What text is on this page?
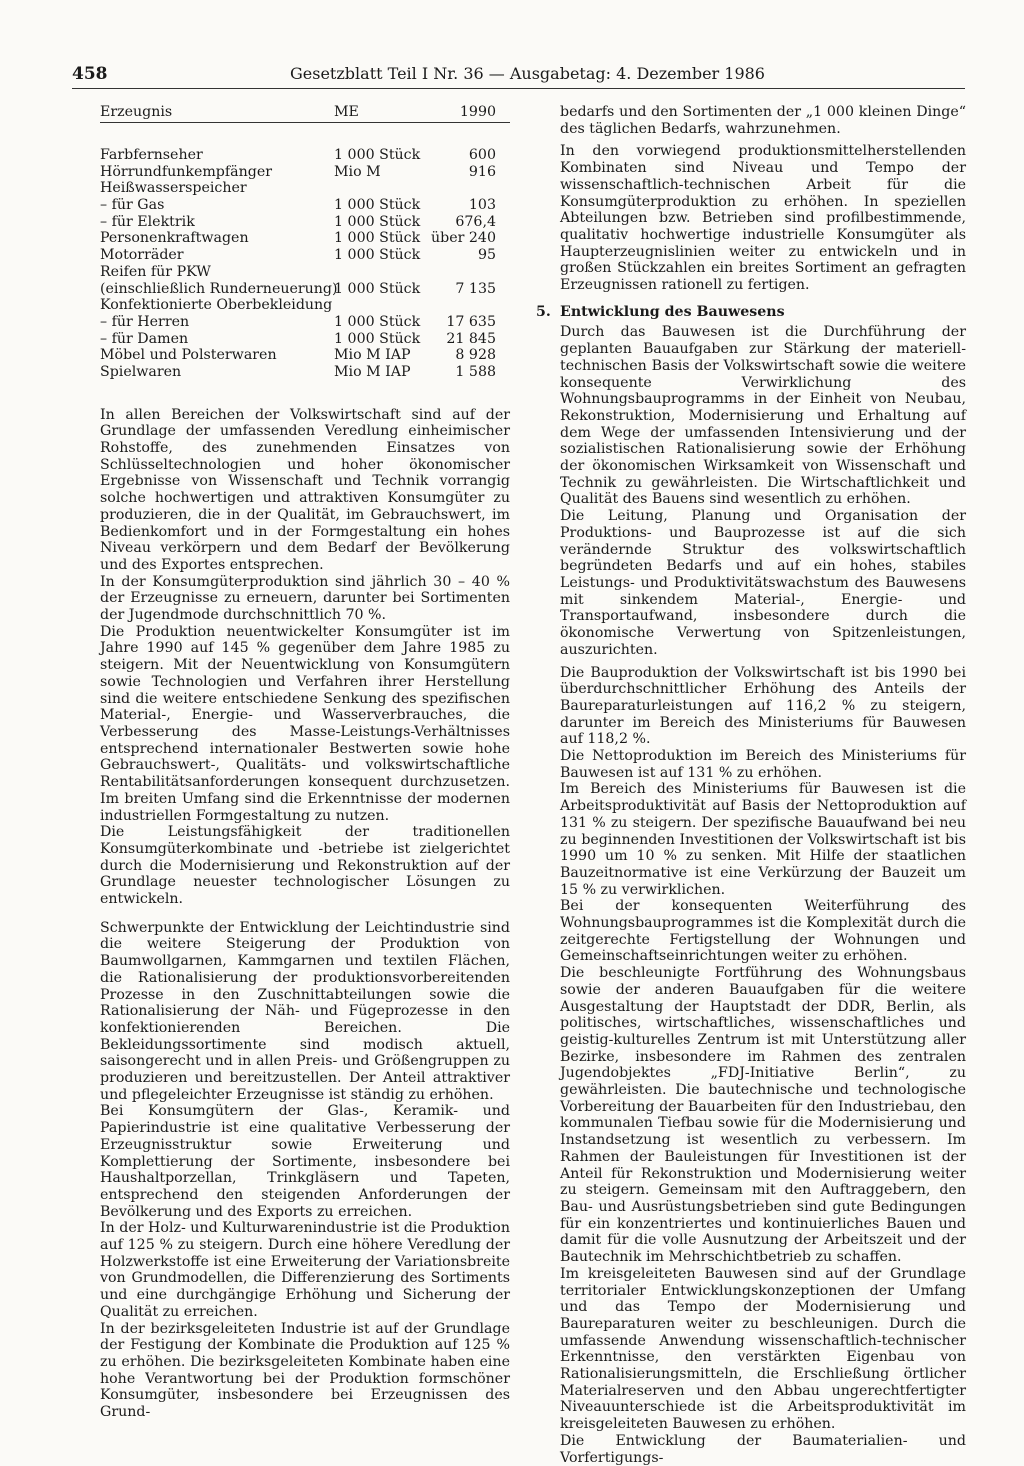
458	Gesetzblatt Teil I Nr. 36 — Ausgabetag: 4. Dezember 1986
Erzeugnis	ME	1990
Farbfernseher	1 000 Stück	600
Hörrundfunkempfänger	Mio M	916
Heißwasserspeicher
– für Gas	1 000 Stück	103
– für Elektrik	1 000 Stück 676,4
Personenkraftwagen	1 000 Stück über 240
Motorräder	1 000 Stück	95
Reifen für PKW
(einschließlich Runderneuerung)
1 000 Stück 7 135
Konfektionierte Oberbekleidung
– für Herren	1 000 Stück 17 635
– für Damen	1 000 Stück 21 845
Möbel und Polsterwaren	Mio M IAP	8 928
Spielwaren	Mio M IAP	1 588

In allen Bereichen der Volkswirtschaft sind auf der Grundlage der umfassenden Veredlung einheimischer Rohstoffe, des zunehmenden Einsatzes von Schlüsseltechnologien und hoher ökonomischer Ergebnisse von Wissenschaft und Technik vorrangig solche hochwertigen und attraktiven Konsumgüter zu produzieren, die in der Qualität, im Gebrauchswert, im Bedienkomfort und in der Formgestaltung ein hohes Niveau verkörpern und dem Bedarf der Bevölkerung und des Exportes entsprechen.

In der Konsumgüterproduktion sind jährlich 30 – 40 % der Erzeugnisse zu erneuern, darunter bei Sortimenten der Jugendmode durchschnittlich 70 %.

Die Produktion neuentwickelter Konsumgüter ist im Jahre 1990 auf 145 % gegenüber dem Jahre 1985 zu steigern. Mit der Neuentwicklung von Konsumgütern sowie Technologien und Verfahren ihrer Herstellung sind die weitere entschiedene Senkung des spezifischen Material-, Energie- und Wasserverbrauches, die Verbesserung des Masse-Leistungs-Verhältnisses entsprechend internationaler Bestwerten sowie hohe Gebrauchswert-, Qualitäts- und volkswirtschaftliche Rentabilitätsanforderungen konsequent durchzusetzen. Im breiten Umfang sind die Erkenntnisse der modernen industriellen Formgestaltung zu nutzen.

Die Leistungsfähigkeit der traditionellen Konsumgüterkombinate und -betriebe ist zielgerichtet durch die Modernisierung und Rekonstruktion auf der Grundlage neuester technologischer Lösungen zu entwickeln.

Schwerpunkte der Entwicklung der Leichtindustrie sind die weitere Steigerung der Produktion von Baumwollgarnen, Kammgarnen und textilen Flächen, die Rationalisierung der produktionsvorbereitenden Prozesse in den Zuschnittabteilungen sowie die Rationalisierung der Näh- und Fügeprozesse in den konfektionierenden Bereichen. Die Bekleidungssortimente sind modisch aktuell, saisongerecht und in allen Preis- und Größengruppen zu produzieren und bereitzustellen. Der Anteil attraktiver und pflegeleichter Erzeugnisse ist ständig zu erhöhen.

Bei Konsumgütern der Glas-, Keramik- und Papierindustrie ist eine qualitative Verbesserung der Erzeugnisstruktur sowie Erweiterung und Komplettierung der Sortimente, insbesondere bei Haushaltporzellan, Trinkgläsern und Tapeten, entsprechend den steigenden Anforderungen der Bevölkerung und des Exports zu erreichen.

In der Holz- und Kulturwarenindustrie ist die Produktion auf 125 % zu steigern. Durch eine höhere Veredlung der Holzwerkstoffe ist eine Erweiterung der Variationsbreite von Grundmodellen, die Differenzierung des Sortiments und eine durchgängige Erhöhung und Sicherung der Qualität zu erreichen.

In der bezirksgeleiteten Industrie ist auf der Grundlage der Festigung der Kombinate die Produktion auf 125 % zu erhöhen. Die bezirksgeleiteten Kombinate haben eine hohe Verantwortung bei der Produktion formschöner Konsumgüter, insbesondere bei Erzeugnissen des Grund-

bedarfs und den Sortimenten der „1 000 kleinen Dinge“ des täglichen Bedarfs, wahrzunehmen.

In den vorwiegend produktionsmittelherstellenden Kombinaten sind Niveau und Tempo der wissenschaftlich-technischen Arbeit für die Konsumgüterproduktion zu erhöhen. In speziellen Abteilungen bzw. Betrieben sind profilbestimmende, qualitativ hochwertige industrielle Konsumgüter als Haupterzeugnislinien weiter zu entwickeln und in großen Stückzahlen ein breites Sortiment an gefragten Erzeugnissen rationell zu fertigen.

5. Entwicklung des Bauwesens

Durch das Bauwesen ist die Durchführung der geplanten Bauaufgaben zur Stärkung der materiell-technischen Basis der Volkswirtschaft sowie die weitere konsequente Verwirklichung des Wohnungsbauprogramms in der Einheit von Neubau, Rekonstruktion, Modernisierung und Erhaltung auf dem Wege der umfassenden Intensivierung und der sozialistischen Rationalisierung sowie der Erhöhung der ökonomischen Wirksamkeit von Wissenschaft und Technik zu gewährleisten. Die Wirtschaftlichkeit und Qualität des Bauens sind wesentlich zu erhöhen.

Die Leitung, Planung und Organisation der Produktions- und Bauprozesse ist auf die sich verändernde Struktur des volkswirtschaftlich begründeten Bedarfs und auf ein hohes, stabiles Leistungs- und Produktivitätswachstum des Bauwesens mit sinkendem Material-, Energie- und Transportaufwand, insbesondere durch die ökonomische Verwertung von Spitzenleistungen, auszurichten.

Die Bauproduktion der Volkswirtschaft ist bis 1990 bei überdurchschnittlicher Erhöhung des Anteils der Baureparaturleistungen auf 116,2 % zu steigern, darunter im Bereich des Ministeriums für Bauwesen auf 118,2 %.

Die Nettoproduktion im Bereich des Ministeriums für Bauwesen ist auf 131 % zu erhöhen.

Im Bereich des Ministeriums für Bauwesen ist die Arbeitsproduktivität auf Basis der Nettoproduktion auf 131 % zu steigern. Der spezifische Bauaufwand bei neu zu beginnenden Investitionen der Volkswirtschaft ist bis 1990 um 10 % zu senken. Mit Hilfe der staatlichen Bauzeitnormative ist eine Verkürzung der Bauzeit um 15 % zu verwirklichen.

Bei der konsequenten Weiterführung des Wohnungsbauprogrammes ist die Komplexität durch die zeitgerechte Fertigstellung der Wohnungen und Gemeinschaftseinrichtungen weiter zu erhöhen.

Die beschleunigte Fortführung des Wohnungsbaus sowie der anderen Bauaufgaben für die weitere Ausgestaltung der Hauptstadt der DDR, Berlin, als politisches, wirtschaftliches, wissenschaftliches und geistig-kulturelles Zentrum ist mit Unterstützung aller Bezirke, insbesondere im Rahmen des zentralen Jugendobjektes „FDJ-Initiative Berlin“, zu gewährleisten. Die bautechnische und technologische Vorbereitung der Bauarbeiten für den Industriebau, den kommunalen Tiefbau sowie für die Modernisierung und Instandsetzung ist wesentlich zu verbessern. Im Rahmen der Bauleistungen für Investitionen ist der Anteil für Rekonstruktion und Modernisierung weiter zu steigern. Gemeinsam mit den Auftraggebern, den Bau- und Ausrüstungsbetrieben sind gute Bedingungen für ein konzentriertes und kontinuierliches Bauen und damit für die volle Ausnutzung der Arbeitszeit und der Bautechnik im Mehrschichtbetrieb zu schaffen.

Im kreisgeleiteten Bauwesen sind auf der Grundlage territorialer Entwicklungskonzeptionen der Umfang und das Tempo der Modernisierung und Baureparaturen weiter zu beschleunigen. Durch die umfassende Anwendung wissenschaftlich-technischer Erkenntnisse, den verstärkten Eigenbau von Rationalisierungsmitteln, die Erschließung örtlicher Materialreserven und den Abbau ungerechtfertigter Niveauunterschiede ist die Arbeitsproduktivität im kreisgeleiteten Bauwesen zu erhöhen.

Die Entwicklung der Baumaterialien- und Vorfertigungs-
